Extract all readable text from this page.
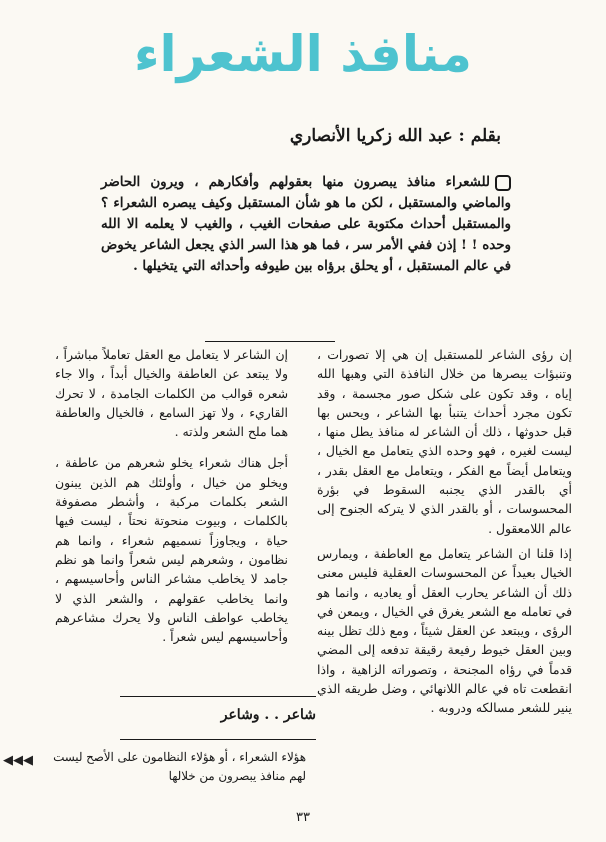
منافذ الشعراء
بقلم : عبد الله زكريا الأنصاري
للشعراء منافذ يبصرون منها بعقولهم وأفكارهم ، ويرون الحاضر والماضي والمستقبل ، لكن ما هو شأن المستقبل وكيف يبصره الشعراء ؟ والمستقبل أحداث مكتوبة على صفحات الغيب ، والغيب لا يعلمه الا الله وحده ! ! إذن ففي الأمر سر ، فما هو هذا السر الذي يجعل الشاعر يخوض في عالم المستقبل ، أو يحلق برؤاه بين طيوفه وأحداثه التي يتخيلها .

إن رؤى الشاعر للمستقبل إن هي إلا تصورات ، وتنبؤات يبصرها من خلال النافذة التي وهبها الله إياه ، وقد تكون على شكل صور مجسمة ، وقد تكون مجرد أحداث يتنبأ بها الشاعر ، ويحس بها قبل حدوثها ، ذلك أن الشاعر له منافذ يطل منها ، ليست لغيره ، فهو وحده الذي يتعامل مع الخيال ، ويتعامل أيضاً مع الفكر ، ويتعامل مع العقل بقدر ، أي بالقدر الذي يجنبه السقوط في بؤرة المحسوسات ، أو بالقدر الذي لا يتركه الجنوح إلى عالم اللامعقول .

إذا قلنا ان الشاعر يتعامل مع العاطفة ، ويمارس الخيال بعيداً عن المحسوسات العقلية فليس معنى ذلك أن الشاعر يحارب العقل أو يعاديه ، وانما هو في تعامله مع الشعر يغرق في الخيال ، ويمعن في الرؤى ، ويبتعد عن العقل شيئاً ، ومع ذلك تظل بينه وبين العقل خيوط رفيعة رقيقة تدفعه إلى المضي قدماً في رؤاه المجنحة ، وتصوراته الزاهية ، واذا انقطعت تاه في عالم اللانهائي ، وضل طريقه الذي ينير للشعر مسالكه ودروبه .

إن الشاعر لا يتعامل مع العقل تعاملاً مباشراً ، ولا يبتعد عن العاطفة والخيال أبداً ، والا جاء شعره قوالب من الكلمات الجامدة ، لا تحرك القاريء ، ولا تهز السامع ، فالخيال والعاطفة هما ملح الشعر ولذته .

أجل هناك شعراء يخلو شعرهم من عاطفة ، ويخلو من خيال ، وأولئك هم الذين يبنون الشعر بكلمات مركبة ، وأشطر مصفوفة بالكلمات ، وبيوت منحوتة نحتاً ، ليست فيها حياة ، ويجاوزاً نسميهم شعراء ، وانما هم نظامون ، وشعرهم ليس شعراً وانما هو نظم جامد لا يخاطب مشاعر الناس وأحاسيسهم ، وانما يخاطب عقولهم ، والشعر الذي لا يخاطب عواطف الناس ولا يحرك مشاعرهم وأحاسيسهم ليس شعراً .

شاعر . . وشاعر
هؤلاء الشعراء ، أو هؤلاء النظامون على الأصح ليست لهم منافذ يبصرون من خلالها
◀◀◀
٣٣
